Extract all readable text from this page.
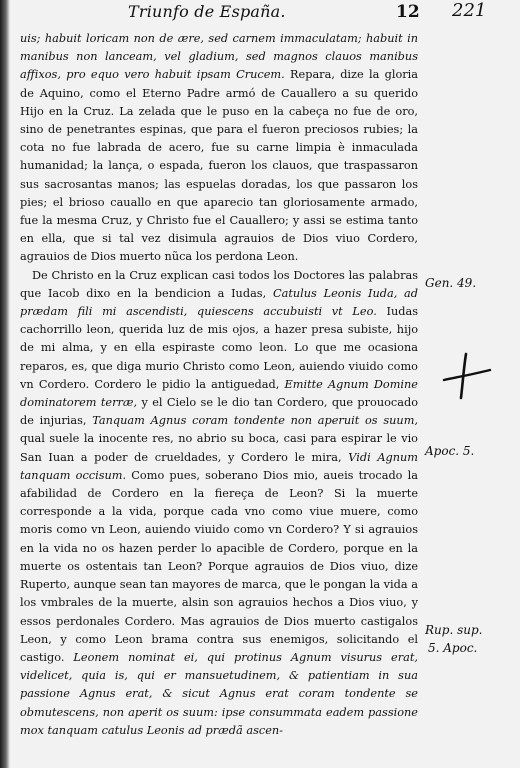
Triunfo de España.	12 221

uis; habuit loricam non de ære, sed carnem immaculatam; habuit in manibus non lanceam, vel gladium, sed magnos clauos manibus affixos, pro equo vero habuit ipsam Crucem. Repara, dize la gloria de Aquino, como el Eterno Padre armó de Cauallero a su querido Hijo en la Cruz. La zelada que le puso en la cabeça no fue de oro, sino de penetrantes espinas, que para el fueron preciosos rubies; la cota no fue labrada de acero, fue su carne limpia è inmaculada humanidad; la lança, o espada, fueron los clauos, que traspassaron sus sacrosantas manos; las espuelas doradas, los que passaron los pies; el brioso cauallo en que aparecio tan gloriosamente armado, fue la mesma Cruz, y Christo fue el Cauallero; y assi se estima tanto en ella, que si tal vez disimula agrauios de Dios viuo Cordero, agrauios de Dios muerto nũca los perdona Leon.

De Christo en la Cruz explican casi todos los Doctores las palabras que Iacob dixo en la bendicion a Iudas, Catulus Leonis Iuda, ad prædam fili mi ascendisti, quiescens accubuisti vt Leo. Iudas cachorrillo leon, querida luz de mis ojos, a hazer presa subiste, hijo de mi alma, y en ella espiraste como leon. Lo que me ocasiona reparos, es, que diga murio Christo como Leon, auiendo viuido como vn Cordero. Cordero le pidio la antiguedad, Emitte Agnum Domine dominatorem terræ, y el Cielo se le dio tan Cordero, que prouocado de injurias, Tanquam Agnus coram tondente non aperuit os suum, qual suele la inocente res, no abrio su boca, casi para espirar le vio San Iuan a poder de crueldades, y Cordero le mira, Vidi Agnum tanquam occisum. Como pues, soberano Dios mio, aueis trocado la afabilidad de Cordero en la fiereça de Leon? Si la muerte corresponde a la vida, porque cada vno como viue muere, como moris como vn Leon, auiendo viuido como vn Cordero? Y si agrauios en la vida no os hazen perder lo apacible de Cordero, porque en la muerte os ostentais tan Leon? Porque agrauios de Dios viuo, dize Ruperto, aunque sean tan mayores de marca, que le pongan la vida a los vmbrales de la muerte, alsin son agrauios hechos a Dios viuo, y essos perdonales Cordero. Mas agrauios de Dios muerto castigalos Leon, y como Leon brama contra sus enemigos, solicitando el castigo. Leonem nominat ei, qui protinus Agnum visurus erat, videlicet, quia is, qui er mansuetudinem, & patientiam in sua passione Agnus erat, & sicut Agnus erat coram tondente se obmutescens, non aperit os suum: ipse consummata eadem passione mox tanquam catulus Leonis ad prædã ascen-

Gen. 49.
Apoc. 5.
Rup. sup.
5. Apoc.
